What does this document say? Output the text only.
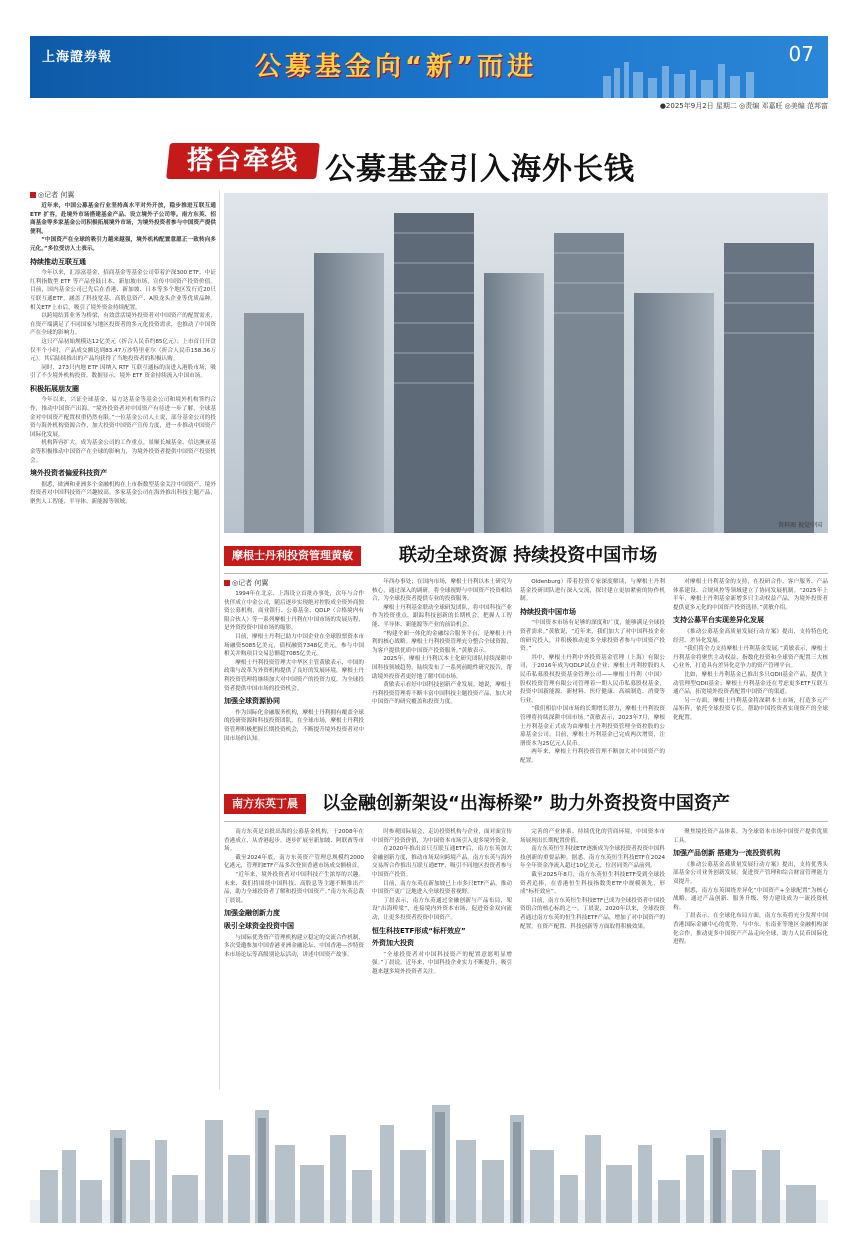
上海證券報	公募基金向“新”而进	07
●2025年9月2日 星期二 ◎责编 邓嘉旺 ◎美编 范邦富
搭台牵线 公募基金引入海外长钱
◎记者 何翼

近年来，中国公募基金行业坚持高水平对外开放，稳步推进互联互通 ETF 扩容，赴境外市场搭建基金产品、设立境外子公司等。南方东英、招商基金等多家基金公司积极拓展境外市场，为境外投资者参与中国资产提供便利。

“中国资产在全球的吸引力越来越强，境外机构配置意愿正一致转向多元化。”多位受访人士表示。

持续推动互联互通

今年以来，汇添富基金、招商基金等基金公司带着沪深300 ETF、中证红利指数型 ETF 等产品登陆日本、新加坡市场，宣传中国资产投资价值。目前，国内基金公司已先后在香港、新加坡、日本等多个地区发行近20只互联互通ETF，涵盖了科技宽基、高股息资产、A股龙头企业等优质品种。相关ETF上市后，吸引了境外资金持续配置。

以跨境结算业务为桥梁，有效盘活境外投资者对中国资产的配置需求，在资产端满足了不同国家与地区投资者的多元化投资需求，也推动了中国资产在全球的影响力。

这只产品初始规模达12亿美元（折合人民币约85亿元）；上市首日开盘仅半个小时，产品成交额达到83.47万沙特里亚尔（折合人民币158.36万元）。其后陆续推出的产品均获得了当地投资者的积极认购。

同时，273只内地 ETF 因纳入 RTF 互联互通标的而进入港股市场，吸引了不少境外机构投资。数据显示，境外 ETF 资金持续流入中国市场。

积极拓展朋友圈

今年以来，兴证全球基金、易方达基金等基金公司和境外机构签约合作，推动中国资产出海。“境外投资者对中国资产有待进一步了解，全球基金对中国资产配置权重仍然有限。”一位基金公司人士说，部分基金公司的投资与海外机构资源合作，加大投资中国资产宣传力度，进一步推动中国资产国际化发展。

机构阵容扩大，成为基金公司的工作重点。景顺长城基金、信达澳亚基金等积极推动中国资产在全球的影响力，为境外投资者提供中国资产投资机会。

境外投资者偏爱科技资产

据悉，欧洲和亚洲多个金融机构在上市指数型基金关注中国资产，境外投资者对中国科技资产兴趣较高。多家基金公司在海外推出科技主题产品，聚焦人工智能、半导体、新能源等领域。

资料图 视觉中国
摩根士丹利投资管理黄敏	联动全球资源 持续投资中国市场
◎记者 何翼

1994年在北京、上海设立首批办事处，次年与合作伙伴成立中金公司，随后逐步实现绝对控股成全资外商独资公募机构，商业银行、公募基金、QDLP（合格境内有限合伙人）等一系列摩根士丹利在中国市场的发展历程，是外资投资中国市场的缩影。

目前，摩根士丹利已助力中国企业在全球股票资本市场融资5085亿美元，债权融资7348亿美元，参与中国相关并购项目交易总额超7085亿美元。

摩根士丹利投资管理大中华区主管黄敏表示，中国的政策与改革为外资机构提供了良好的发展环境，摩根士丹利投资管理将继续加大对中国资产的投资力度，为全球投资者提供中国市场的投资机会。

加强全球资源协同

作为国际化金融服务机构，摩根士丹利拥有覆盖全球的投研资源和科技投资团队。在全球市场，摩根士丹利投资管理积极把握长期投资机会，不断提升境外投资者对中国市场的认知。

年西办事处；在国内市场，摩根士丹利以本土研究为核心，通过深入的调研，将全球视野与中国资产投资相结合，为全球投资者提供专业的投资服务。

摩根士丹利基金联动全球研发团队，将中国科技产业作为投资重点，跟踪科技创新的长期机会，把握人工智能、半导体、新能源等产业的前沿机会。

“构建全面一体化的金融综合服务平台，是摩根士丹利的核心战略。摩根士丹利投资管理充分整合全球资源，为客户提供优质中国资产投资服务。”黄敏表示。

2025年，摩根士丹利以本土化研究团队持续深耕中国科技领域趋势，陆续发布了一系列前瞻性研究报告，帮助境外投资者更好地了解中国市场。

黄敏表示看好中国科技创新产业发展。她说，摩根士丹利投资管理将不断丰富中国科技主题投资产品，加大对中国资产的研究覆盖和投资力度。

Oldenburg）带着投资专家深度解读，与摩根士丹利基金投研团队进行深入交流，探讨建立更加紧密的协作机制。

持续投资中国市场

“中国资本市场有足够的深度和广度，能够满足全球投资者需求。”黄敏说，“近年来，我们加大了对中国科技企业的研究投入，并积极推动更多全球投资者参与中国资产投资。”

其中，摩根士丹利中外投资基金管理（上海）有限公司，于2016年成为QDLP试点企业；摩根士丹利控股的人民币私募股权投资基金管理公司——摩根士丹利（中国）股权投资管理有限公司管理着一期人民币私募股权基金，投资中国新能源、新材料、医疗健康、高端制造、消费等行业。

“我们相信中国市场的长期增长潜力，摩根士丹利投资管理将持续深耕中国市场。”黄敏表示，2023年7月，摩根士丹利基金正式成为由摩根士丹利投资管理全资控股的公募基金公司。目前，摩根士丹利基金已完成两次增资，注册资本为25亿元人民币。

两年来，摩根士丹利投资管理不断加大对中国资产的配置。

对摩根士丹利基金的支持，在投研合作、客户服务、产品体系建设、合规风控等领域建立了协同发展机制。“2025年上半年，摩根士丹利基金新增多只主动权益产品，为境外投资者提供更多元化的中国资产投资选择。”黄敏介绍。

支持公募平台实现差异化发展

《推动公募基金高质量发展行动方案》提出，支持特色化经营、差异化发展。

“我们将全力支持摩根士丹利基金发展。”黄敏表示，摩根士丹利基金将聚焦主动权益、指数化投资和全球资产配置三大核心业务，打造具有差异化竞争力的资产管理平台。

比如，摩根士丹利基金已推出多只QDII基金产品，提供主动管理型QDII基金；摩根士丹利基金还在考虑更多ETF互联互通产品，拓宽境外投资者配置中国资产的渠道。

另一方面，摩根士丹利基金将深耕本土市场，打造多元产品矩阵，依托全球投资专长，帮助中国投资者实现资产的全球化配置。

南方东英丁晨	以金融创新架设“出海桥梁” 助力外资投资中国资产

南方东英是首批出海的公募基金机构，于2008年在香港成立，从香港起步，逐步扩展至新加坡、阿联酋等市场。

截至2024年底，南方东英资产管理总规模约2000亿港元，管理的ETF产品多次登顶香港市场成交额榜首。

“近年来，境外投资者对中国科技产生浓厚的兴趣。未来，我们将围绕中国科技、高股息等主题不断推出产品，助力全球投资者了解和投资中国资产。”南方东英总裁丁晨说。

加强金融创新力度
吸引全球资金投资中国

与国际优秀资产管理机构建立稳定的交流合作机制，多次受邀参加中国香港亚洲金融论坛、中国香港—沙特资本市场论坛等高级别论坛活动，讲述中国资产故事。

时参观国际展会，走访投资机构与企业，面对面宣传中国资产投资价值，为中国资本市场引入更多境外资金。

在2020年推出首只互联互通ETF后，南方东英加大金融创新力度，推动市场双向跨境产品。南方东英与海外交易所合作推出互联互通ETF，吸引不同地区投资者参与中国资产投资。

目前，南方东英在新加坡已上市多只ETF产品，推动中国资产更广泛地进入全球投资者视野。

丁晨表示，南方东英通过金融创新与产品布局，架设“出海桥梁”，连接境内外资本市场，促进资金双向流动，让更多投资者投资中国资产。

恒生科技ETF形成“标杆效应”
外资加大投资

“全球投资者对中国科技资产的配置意愿明显增强。”丁晨说，近年来，中国科技企业实力不断提升，吸引越来越多境外投资者关注。

完善的产业体系、持续优化的营商环境，中国资本市场展现出长期配置价值。

南方东英恒生科技ETF逐渐成为全球投资者投资中国科技创新的重要品种。据悉，南方东英恒生科技ETF在2024年全年资金净流入超过10亿美元，位居同类产品前列。

截至2025年8月，南方东英恒生科技ETF受到全球投资者追捧，在香港恒生科技指数类ETF中规模领先，形成“标杆效应”。

目前，南方东英恒生科技ETF已成为全球投资者中国投资组合的核心标的之一。丁晨说，2020年以来，全球投资者通过南方东英的恒生科技ETF产品，增加了对中国资产的配置，在资产配置、科技创新等方面取得积极效果。

聚焦境投资产品体系，为全球资本市场中国资产提供优质工具。

加强产品创新 搭建为一流投资机构

《推动公募基金高质量发展行动方案》提出，支持优秀头部基金公司业务创新发展，促进资产管理和综合财富管理能力双提升。

据悉，南方东英围绕差异化“中国资产+全球配置”为核心战略，通过产品创新、服务升级、努力建设成为一流投资机构。

丁晨表示，在全球化布局方面，南方东英将充分发挥中国香港国际金融中心的优势，与中东、东南亚等地区金融机构深化合作，推动更多中国资产产品走向全球，助力人民币国际化进程。
